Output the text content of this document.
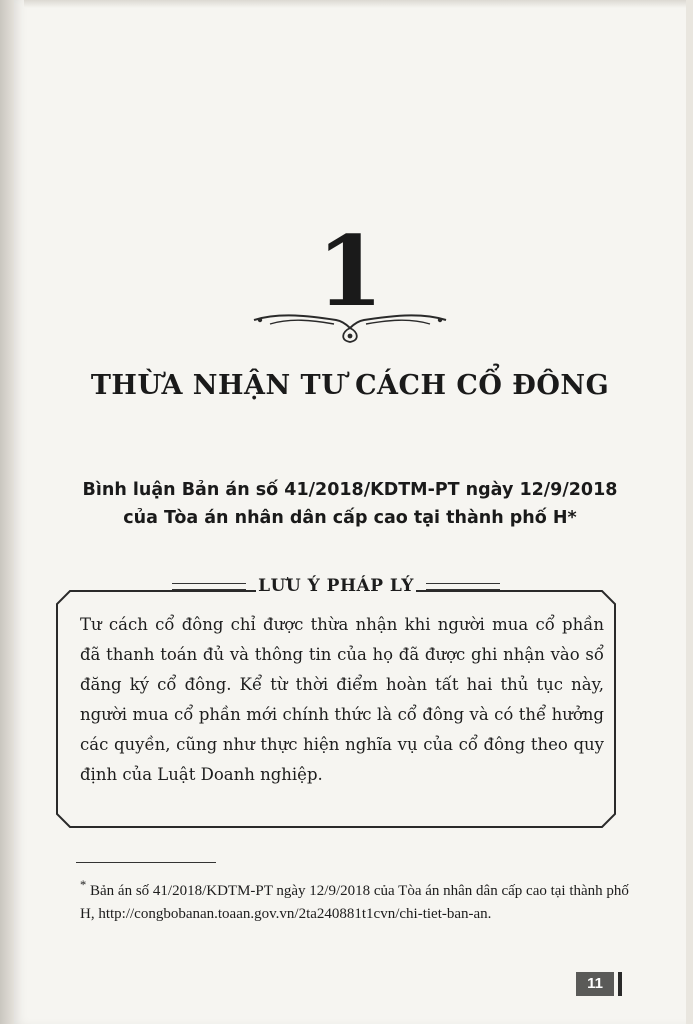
1
THỪA NHẬN TƯ CÁCH CỔ ĐÔNG
Bình luận Bản án số 41/2018/KDTM-PT ngày 12/9/2018
của Tòa án nhân dân cấp cao tại thành phố H*
LƯU Ý PHÁP LÝ

Tư cách cổ đông chỉ được thừa nhận khi người mua cổ phần đã thanh toán đủ và thông tin của họ đã được ghi nhận vào sổ đăng ký cổ đông. Kể từ thời điểm hoàn tất hai thủ tục này, người mua cổ phần mới chính thức là cổ đông và có thể hưởng các quyền, cũng như thực hiện nghĩa vụ của cổ đông theo quy định của Luật Doanh nghiệp.

* Bản án số 41/2018/KDTM-PT ngày 12/9/2018 của Tòa án nhân dân cấp cao tại thành phố H, http://congbobanan.toaan.gov.vn/2ta240881t1cvn/chi-tiet-ban-an.

11
